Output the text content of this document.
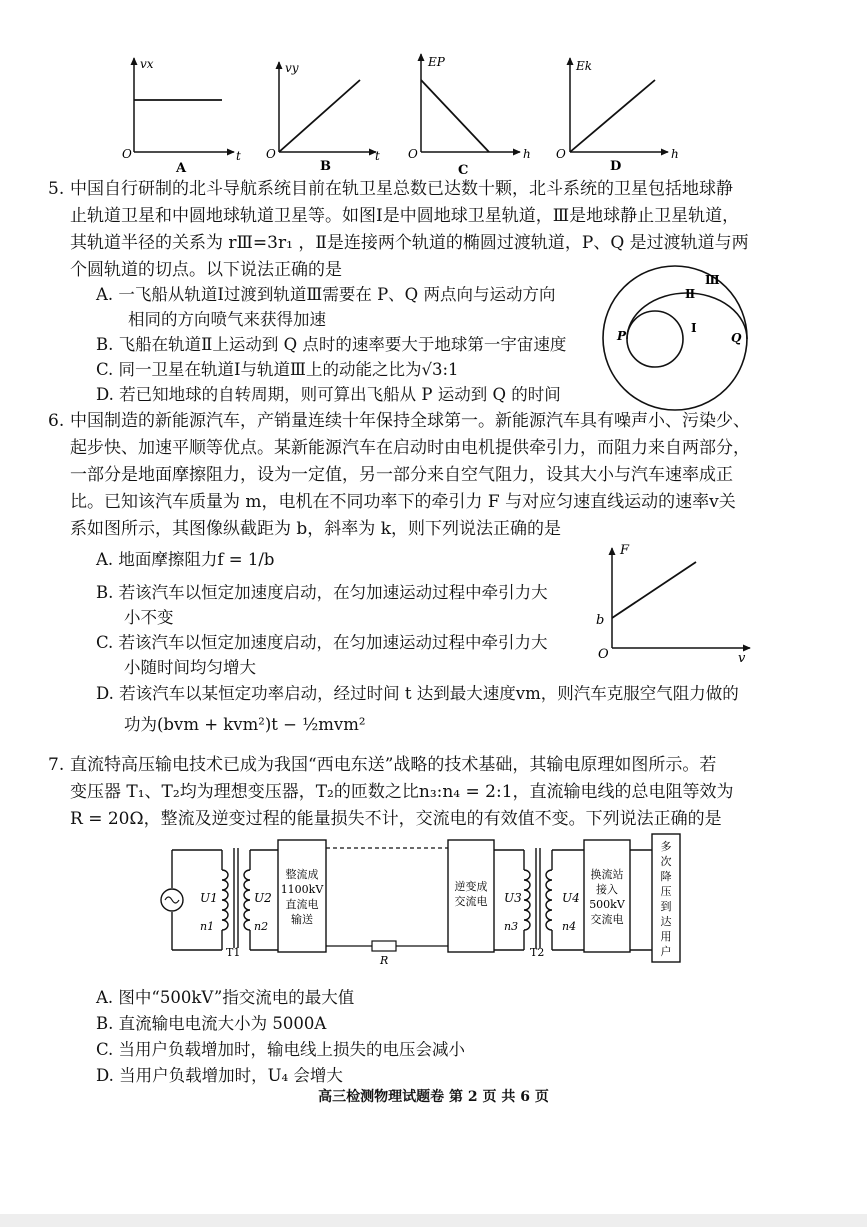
vx
O	t
A
vy
O	t
B
EP
O	h
C
Ek
O	h
D
5. 中国自行研制的北斗导航系统目前在轨卫星总数已达数十颗，北斗系统的卫星包括地球静
止轨道卫星和中圆地球轨道卫星等。如图Ⅰ是中圆地球卫星轨道，Ⅲ是地球静止卫星轨道，
其轨道半径的关系为 rⅢ=3r₁ ，Ⅱ是连接两个轨道的椭圆过渡轨道，P、Q 是过渡轨道与两
个圆轨道的切点。以下说法正确的是
A. 一飞船从轨道Ⅰ过渡到轨道Ⅲ需要在 P、Q 两点向与运动方向
相同的方向喷气来获得加速
B. 飞船在轨道Ⅱ上运动到 Q 点时的速率要大于地球第一宇宙速度
C. 同一卫星在轨道Ⅰ与轨道Ⅲ上的动能之比为√3:1
D. 若已知地球的自转周期，则可算出飞船从 P 运动到 Q 的时间
Ⅲ
Ⅱ
Ⅰ
P	Q
6. 中国制造的新能源汽车，产销量连续十年保持全球第一。新能源汽车具有噪声小、污染少、
起步快、加速平顺等优点。某新能源汽车在启动时由电机提供牵引力，而阻力来自两部分，
一部分是地面摩擦阻力，设为一定值，另一部分来自空气阻力，设其大小与汽车速率成正
比。已知该汽车质量为 m，电机在不同功率下的牵引力 F 与对应匀速直线运动的速率v关
系如图所示，其图像纵截距为 b，斜率为 k，则下列说法正确的是
A. 地面摩擦阻力f = 1/b
B. 若该汽车以恒定加速度启动，在匀加速运动过程中牵引力大
小不变
C. 若该汽车以恒定加速度启动，在匀加速运动过程中牵引力大
小随时间均匀增大
D. 若该汽车以某恒定功率启动，经过时间 t 达到最大速度vm，则汽车克服空气阻力做的
功为(bvm + kvm²)t − ½mvm²
F
b
O	v
7. 直流特高压输电技术已成为我国“西电东送”战略的技术基础，其输电原理如图所示。若
变压器 T₁、T₂均为理想变压器，T₂的匝数之比n₃:n₄ = 2:1，直流输电线的总电阻等效为
R = 20Ω，整流及逆变过程的能量损失不计，交流电的有效值不变。下列说法正确的是
A. 图中“500kV”指交流电的最大值
B. 直流输电电流大小为 5000A
C. 当用户负载增加时，输电线上损失的电压会减小
D. 当用户负载增加时，U₄ 会增大
U1
n1
U2
n2
T1
整流成
1100kV
直流电
输送
R
逆变成
交流电 U3
n3
U4
n4
T2
换流站
接入
500kV
交流电
多
次
降
压
到
达
用
户
高三检测物理试题卷 第 2 页 共 6 页
